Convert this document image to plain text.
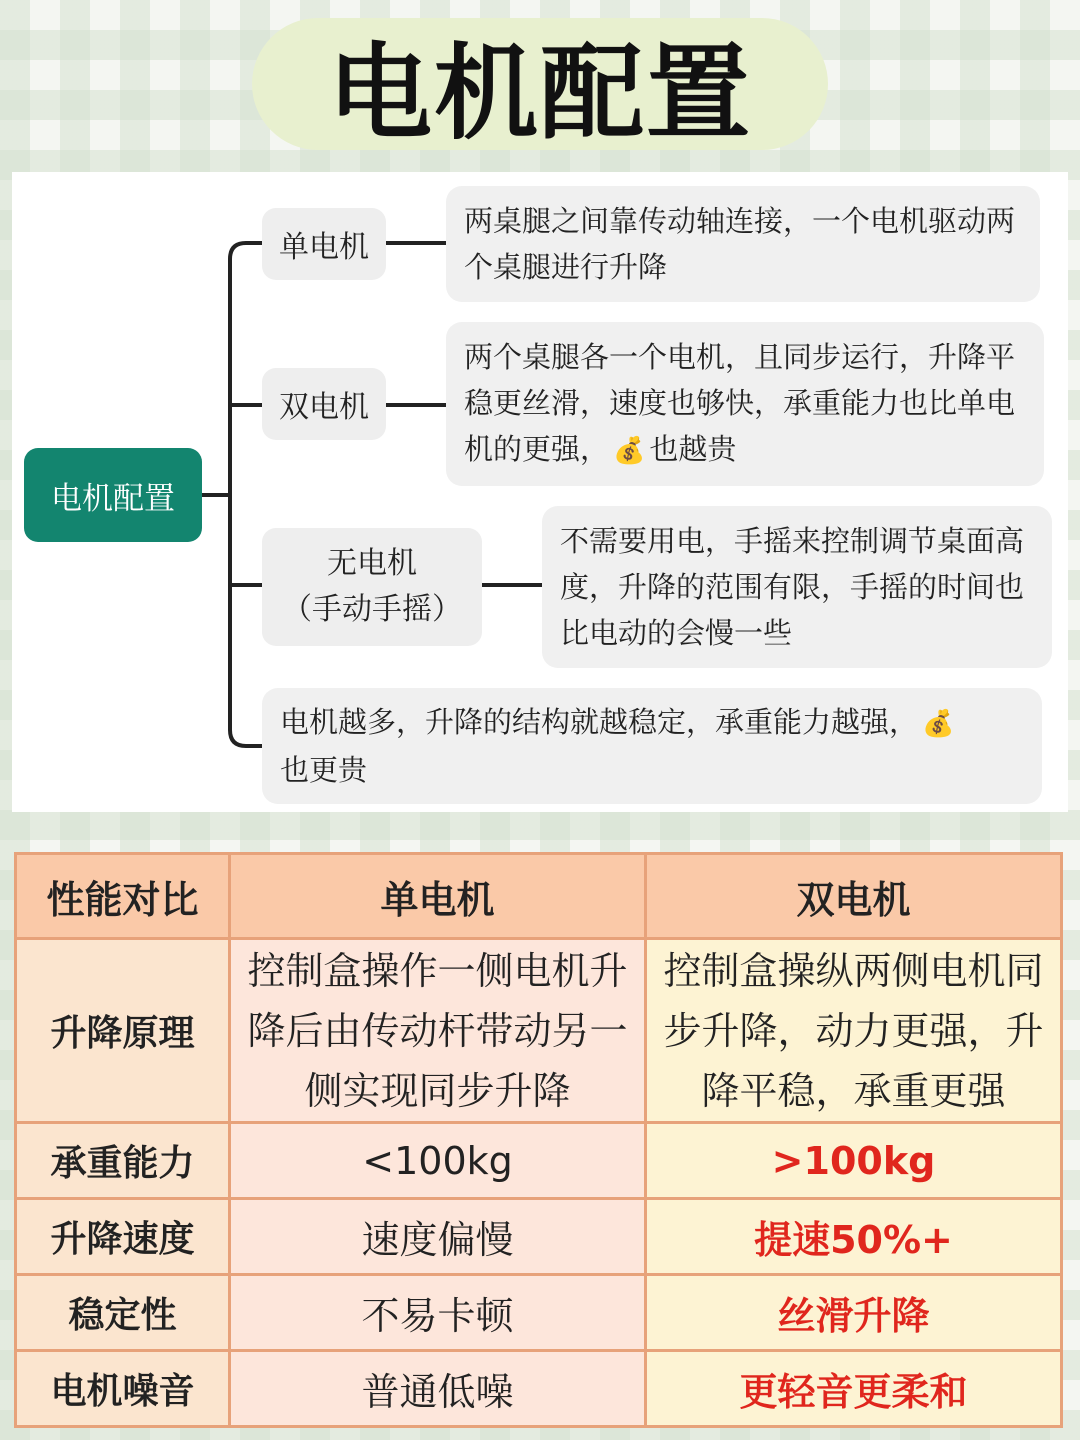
电机配置
电机配置
单电机
两桌腿之间靠传动轴连接，一个电机驱动两个桌腿进行升降
双电机
两个桌腿各一个电机，且同步运行，升降平稳更丝滑，速度也够快，承重能力也比单电机的更强， 💰 也越贵
无电机
（手动手摇）
不需要用电，手摇来控制调节桌面高度，升降的范围有限，手摇的时间也比电动的会慢一些
电机越多，升降的结构就越稳定，承重能力越强， 💰
也更贵
性能对比	单电机	双电机
升降原理	控制盒操作一侧电机升降后由传动杆带动另一侧实现同步升降	控制盒操纵两侧电机同步升降，动力更强，升降平稳，承重更强
承重能力	<100kg	>100kg
升降速度	速度偏慢	提速50%+
稳定性	不易卡顿	丝滑升降
电机噪音	普通低噪	更轻音更柔和
